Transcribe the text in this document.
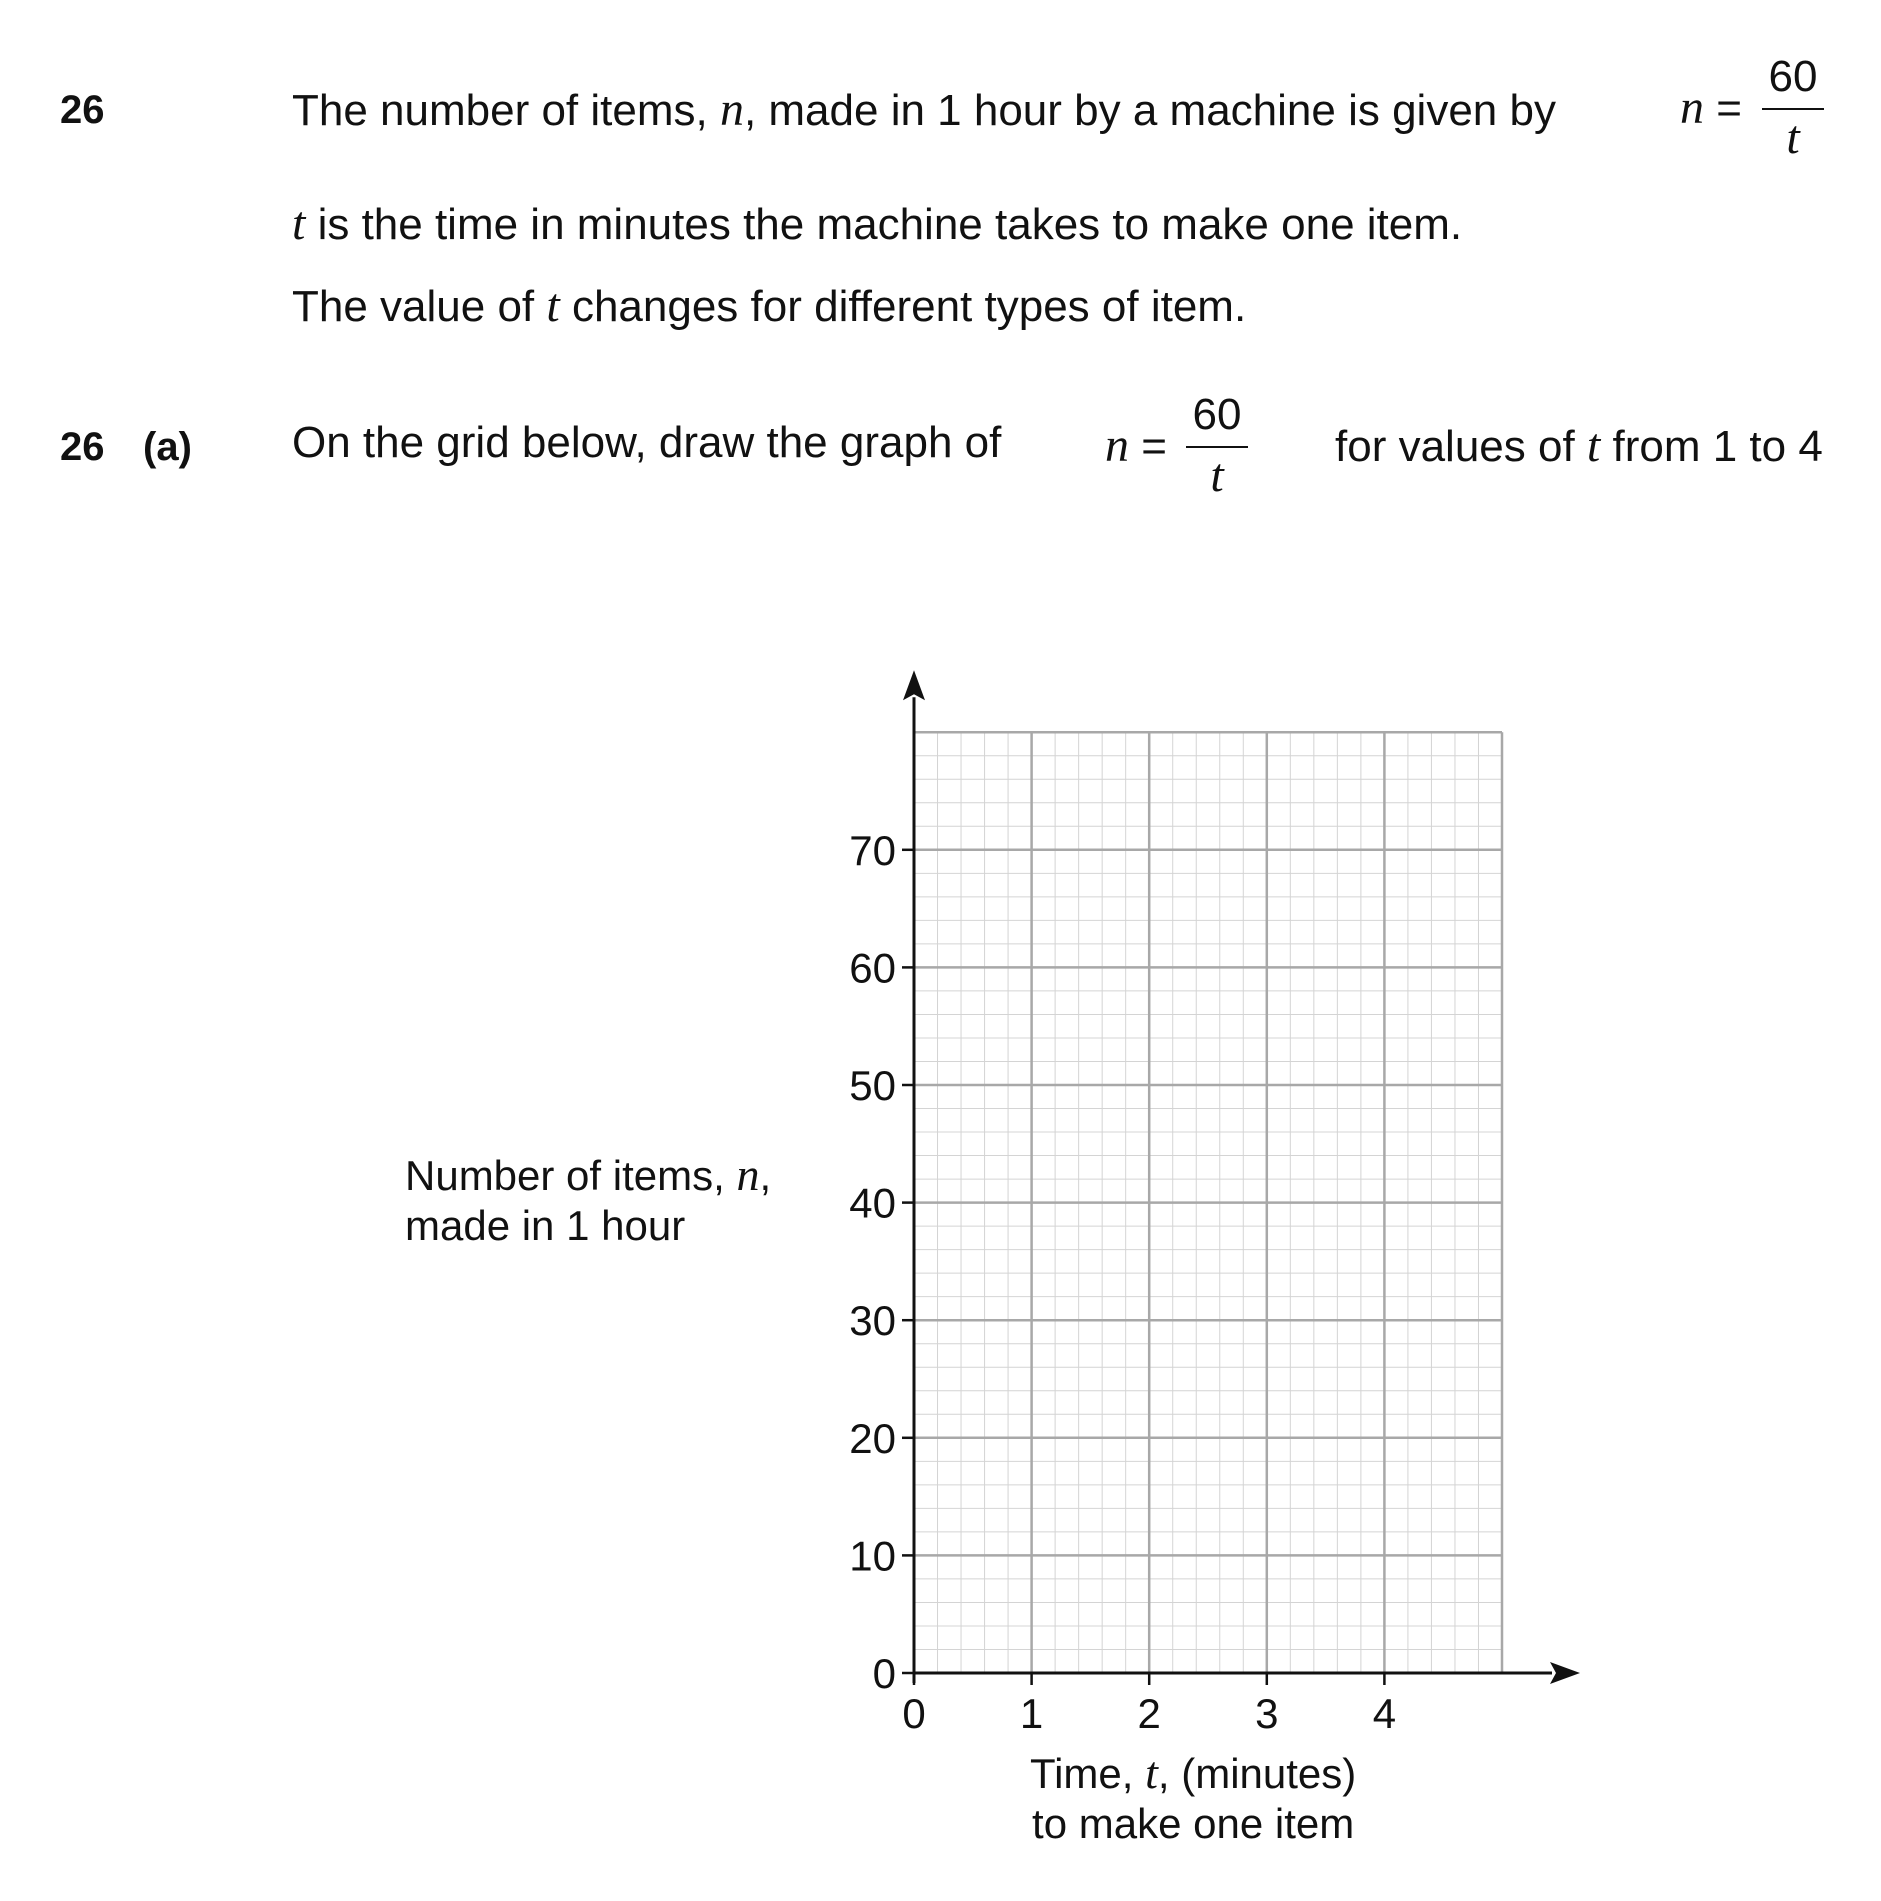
26	The number of items, n, made in 1 hour by a machine is given by	n =
60
t
t is the time in minutes the machine takes to make one item.
The value of t changes for different types of item.
26 (a) On the grid below, draw the graph of n =
60
t
for values of t from 1 to 4
Number of items, n,
made in 1 hour
Time, t, (minutes)
to make one item
0
10
20
30
40
50
60
70
0 1 2 3 4
